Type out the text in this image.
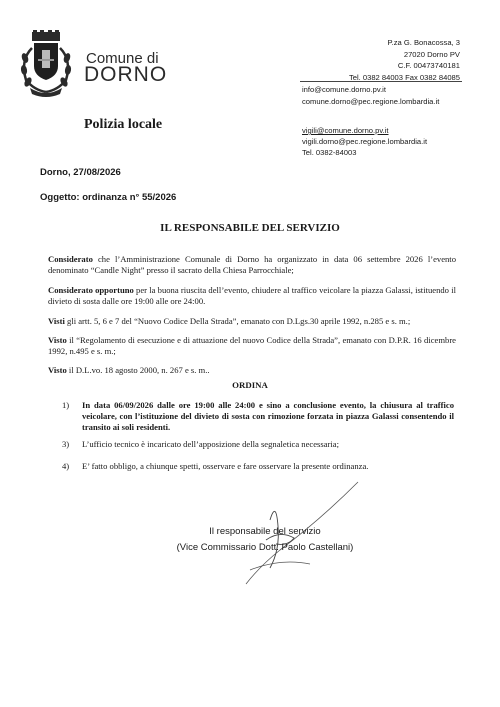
Comune di
DORNO
P.za G. Bonacossa, 3
27020 Dorno PV
C.F. 00473740181
Tel. 0382 84003 Fax 0382 84085
info@comune.dorno.pv.it
comune.dorno@pec.regione.lombardia.it
Polizia locale	vigili@comune.dorno.pv.it
vigili.dorno@pec.regione.lombardia.it
Tel. 0382-84003
Dorno, 27/08/2026
Oggetto: ordinanza n° 55/2026
IL RESPONSABILE DEL SERVIZIO
Considerato che l’Amministrazione Comunale di Dorno ha organizzato in data 06 settembre 2026 l’evento denominato “Candle Night” presso il sacrato della Chiesa Parrocchiale;
Considerato opportuno per la buona riuscita dell’evento, chiudere al traffico veicolare la piazza Galassi, istituendo il divieto di sosta dalle ore 19:00 alle ore 24:00.
Visti gli artt. 5, 6 e 7 del “Nuovo Codice Della Strada”, emanato con D.Lgs.30 aprile 1992, n.285 e s. m.;
Visto il “Regolamento di esecuzione e di attuazione del nuovo Codice della Strada”, emanato con D.P.R. 16 dicembre 1992, n.495 e s. m.;
Visto il D.L.vo. 18 agosto 2000, n. 267 e s. m..
ORDINA
1) In data 06/09/2026 dalle ore 19:00 alle 24:00 e sino a conclusione evento, la chiusura al traffico veicolare, con l’istituzione del divieto di sosta con rimozione forzata in piazza Galassi consentendo il transito ai soli residenti.
3) L’ufficio tecnico è incaricato dell’apposizione della segnaletica necessaria;
4) E’ fatto obbligo, a chiunque spetti, osservare e fare osservare la presente ordinanza.
Il responsabile del servizio
(Vice Commissario Dott. Paolo Castellani)
